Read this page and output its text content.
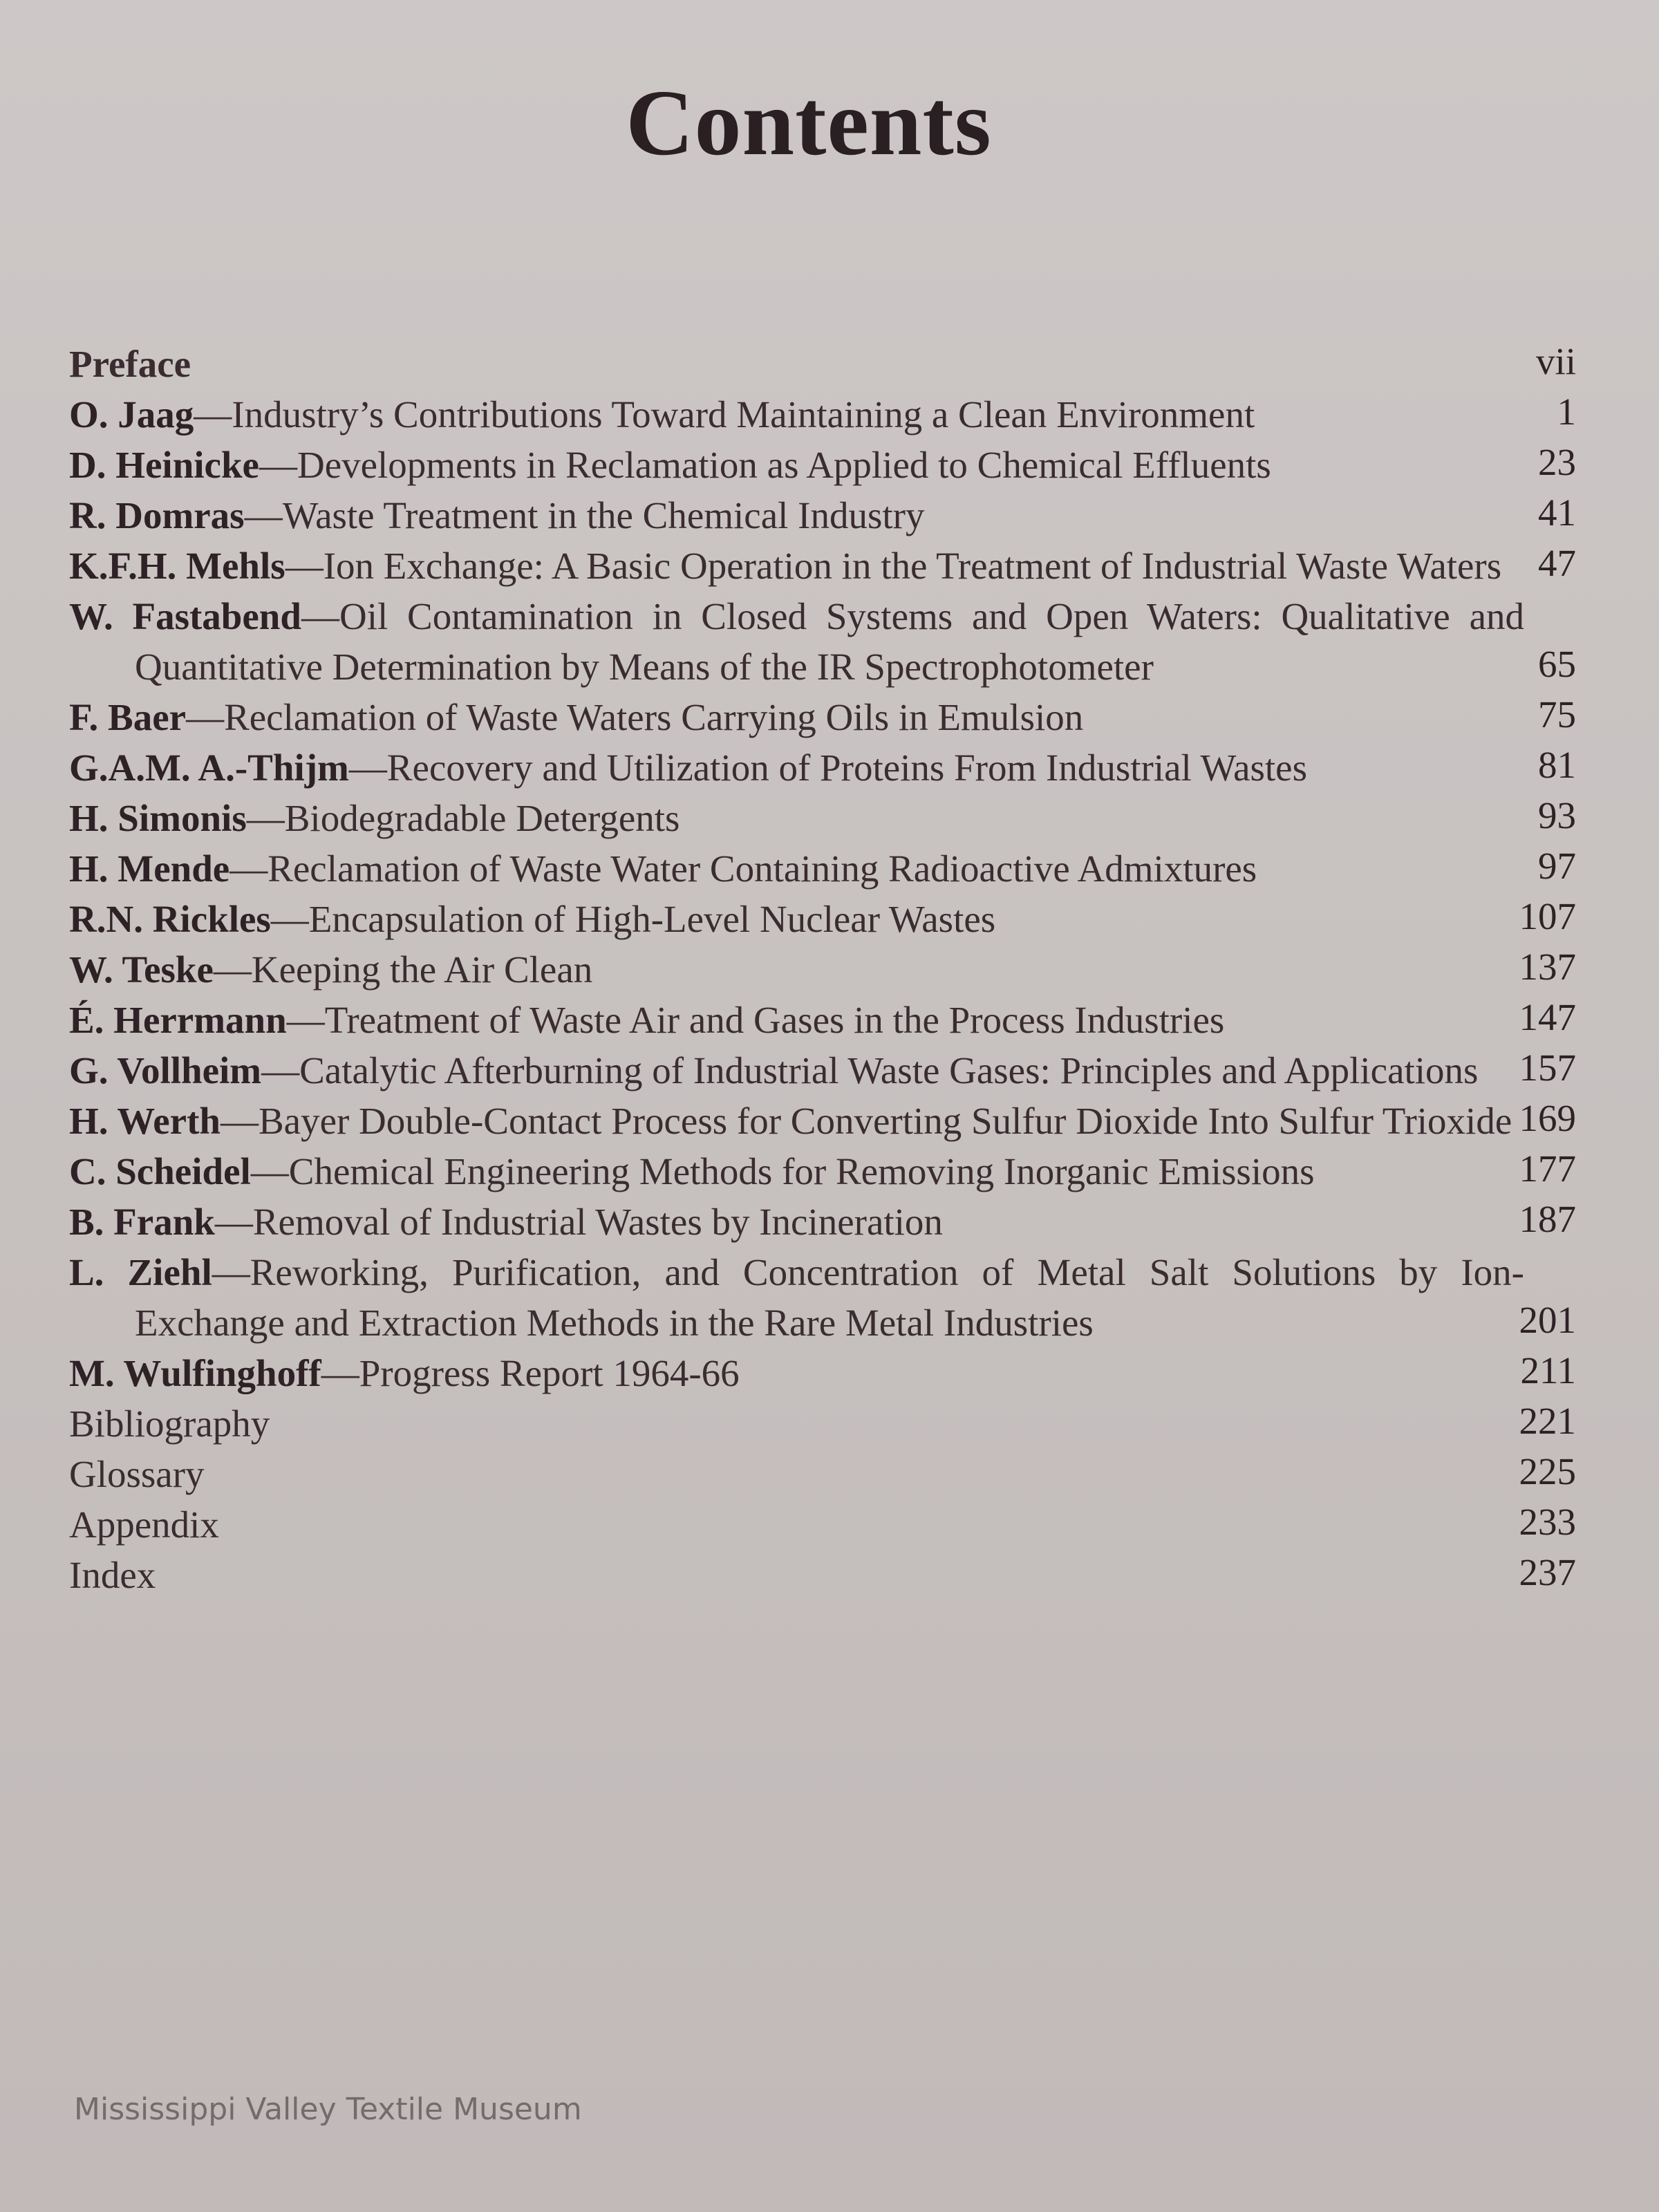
Contents
Preface	vii
O. Jaag—Industry’s Contributions Toward Maintaining a Clean Environment	1
D. Heinicke—Developments in Reclamation as Applied to Chemical Effluents	23
R. Domras—Waste Treatment in the Chemical Industry	41
K.F.H. Mehls—Ion Exchange: A Basic Operation in the Treatment of Industrial Waste Waters 47
W. Fastabend—Oil Contamination in Closed Systems and Open Waters: Qualitative and Quantitative Determination by Means of the IR Spectrophotometer	65
F. Baer—Reclamation of Waste Waters Carrying Oils in Emulsion	75
G.A.M. A.-Thijm—Recovery and Utilization of Proteins From Industrial Wastes	81
H. Simonis—Biodegradable Detergents	93
H. Mende—Reclamation of Waste Water Containing Radioactive Admixtures	97
R.N. Rickles—Encapsulation of High-Level Nuclear Wastes	107
W. Teske—Keeping the Air Clean	137
É. Herrmann—Treatment of Waste Air and Gases in the Process Industries	147
G. Vollheim—Catalytic Afterburning of Industrial Waste Gases: Principles and Applications	157
H. Werth—Bayer Double-Contact Process for Converting Sulfur Dioxide Into Sulfur Trioxide 169
C. Scheidel—Chemical Engineering Methods for Removing Inorganic Emissions	177
B. Frank—Removal of Industrial Wastes by Incineration	187
L. Ziehl—Reworking, Purification, and Concentration of Metal Salt Solutions by Ion-Exchange and Extraction Methods in the Rare Metal Industries	201
M. Wulfinghoff—Progress Report 1964-66	211
Bibliography	221
Glossary	225
Appendix	233
Index	237
Mississippi Valley Textile Museum
